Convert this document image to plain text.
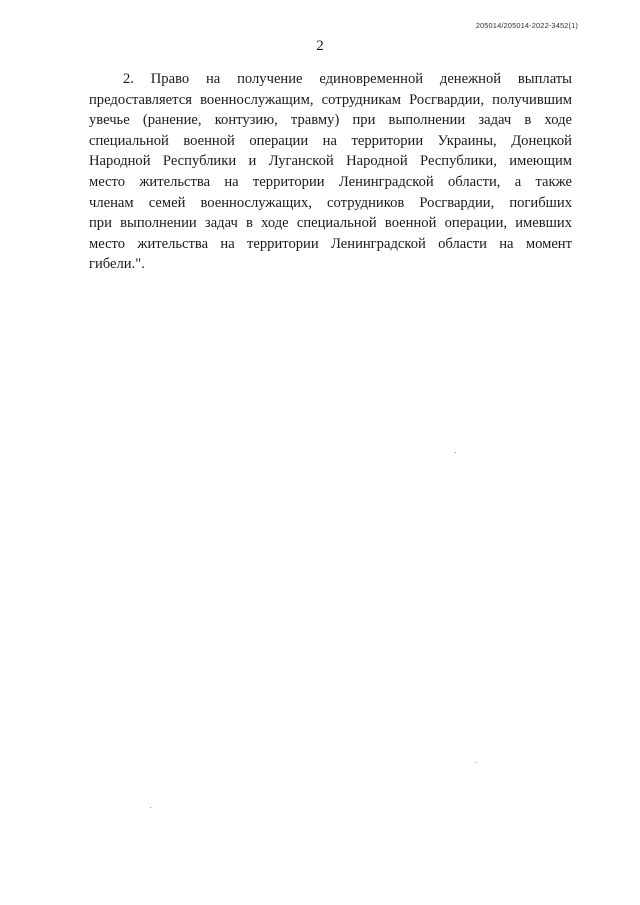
205014/205014-2022-3452(1)
2
2. Право на получение единовременной денежной выплаты
предоставляется военнослужащим, сотрудникам Росгвардии, получившим
увечье (ранение, контузию, травму) при выполнении задач в ходе
специальной военной операции на территории Украины, Донецкой
Народной Республики и Луганской Народной Республики, имеющим
место жительства на территории Ленинградской области, а также
членам семей военнослужащих, сотрудников Росгвардии, погибших
при выполнении задач в ходе специальной военной операции, имевших
место жительства на территории Ленинградской области на момент
гибели.".
